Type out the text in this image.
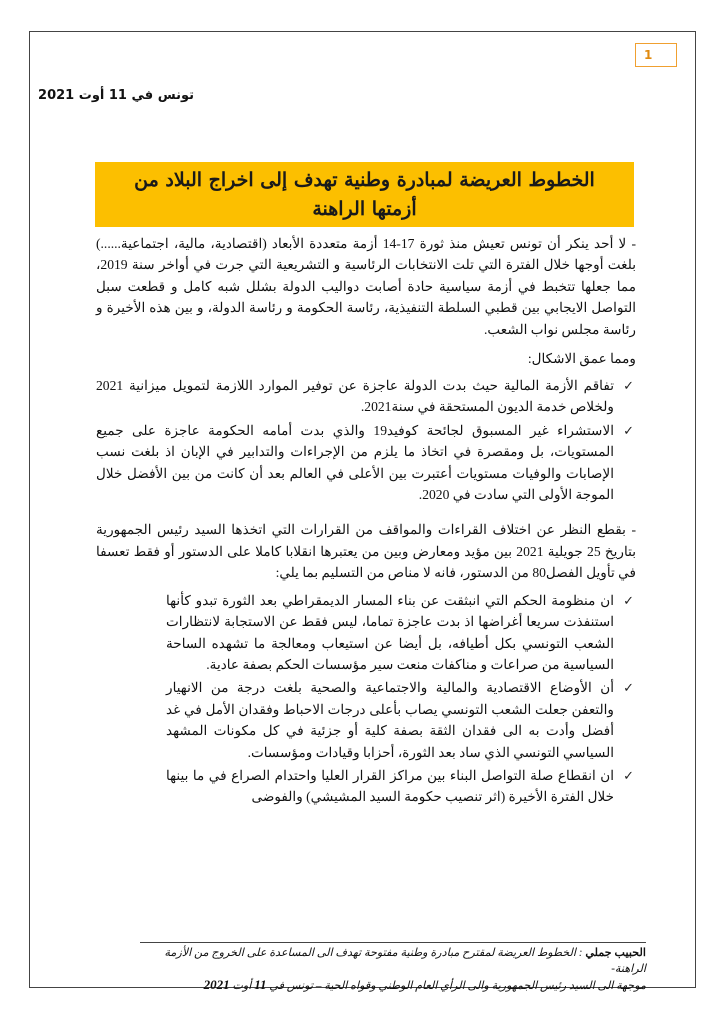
1
تونس في 11 أوت 2021
الخطوط العريضة لمبادرة وطنية تهدف إلى اخراج البلاد من أزمتها الراهنة

- لا أحد ينكر أن تونس تعيش منذ ثورة 17-14 أزمة متعددة الأبعاد (اقتصادية، مالية، اجتماعية......) بلغت أوجها خلال الفترة التي تلت الانتخابات الرئاسية و التشريعية التي جرت في أواخر سنة 2019، مما جعلها تتخبط في أزمة سياسية حادة أصابت دواليب الدولة بشلل شبه كامل و قطعت سبل التواصل الايجابي بين قطبي السلطة التنفيذية، رئاسة الحكومة و رئاسة الدولة، و بين هذه الأخيرة و رئاسة مجلس نواب الشعب.

ومما عمق الاشكال:

✓
تفاقم الأزمة المالية حيث بدت الدولة عاجزة عن توفير الموارد اللازمة لتمويل ميزانية 2021 ولخلاص خدمة الديون المستحقة في سنة2021.
✓
الاستشراء غير المسبوق لجائحة كوفيد19 والذي بدت أمامه الحكومة عاجزة على جميع المستويات، بل ومقصرة في اتخاذ ما يلزم من الإجراءات والتدابير في الإبان اذ بلغت نسب الإصابات والوفيات مستويات أعتبرت بين الأعلى في العالم بعد أن كانت من بين الأفضل خلال الموجة الأولى التي سادت في 2020.

- بقطع النظر عن اختلاف القراءات والمواقف من القرارات التي اتخذها السيد رئيس الجمهورية بتاريخ 25 جويلية 2021 بين مؤيد ومعارض وبين من يعتبرها انقلابا كاملا على الدستور أو فقط تعسفا في تأويل الفصل80 من الدستور، فانه لا مناص من التسليم بما يلي:

✓
ان منظومة الحكم التي انبثقت عن بناء المسار الديمقراطي بعد الثورة تبدو كأنها استنفذت سريعا أغراضها اذ بدت عاجزة تماما، ليس فقط عن الاستجابة لانتظارات الشعب التونسي بكل أطيافه، بل أيضا عن استيعاب ومعالجة ما تشهده الساحة السياسية من صراعات و مناكفات منعت سير مؤسسات الحكم بصفة عادية.
✓
أن الأوضاع الاقتصادية والمالية والاجتماعية والصحية بلغت درجة من الانهيار والتعفن جعلت الشعب التونسي يصاب بأعلى درجات الاحباط وفقدان الأمل في غد أفضل وأدت به الى فقدان الثقة بصفة كلية أو جزئية في كل مكونات المشهد السياسي التونسي الذي ساد بعد الثورة، أحزابا وقيادات ومؤسسات.
✓
ان انقطاع صلة التواصل البناء بين مراكز القرار العليا واحتدام الصراع في ما بينها خلال الفترة الأخيرة (اثر تنصيب حكومة السيد المشيشي) والفوضى
الحبيب جملي : الخطوط العريضة لمقترح مبادرة وطنية مفتوحة تهدف الى المساعدة على الخروج من الأزمة الراهنة-
موجهة الى السيد رئيس الجمهورية والى الرأي العام الوطني وقواه الحية – تونس في 11 أوت 2021
